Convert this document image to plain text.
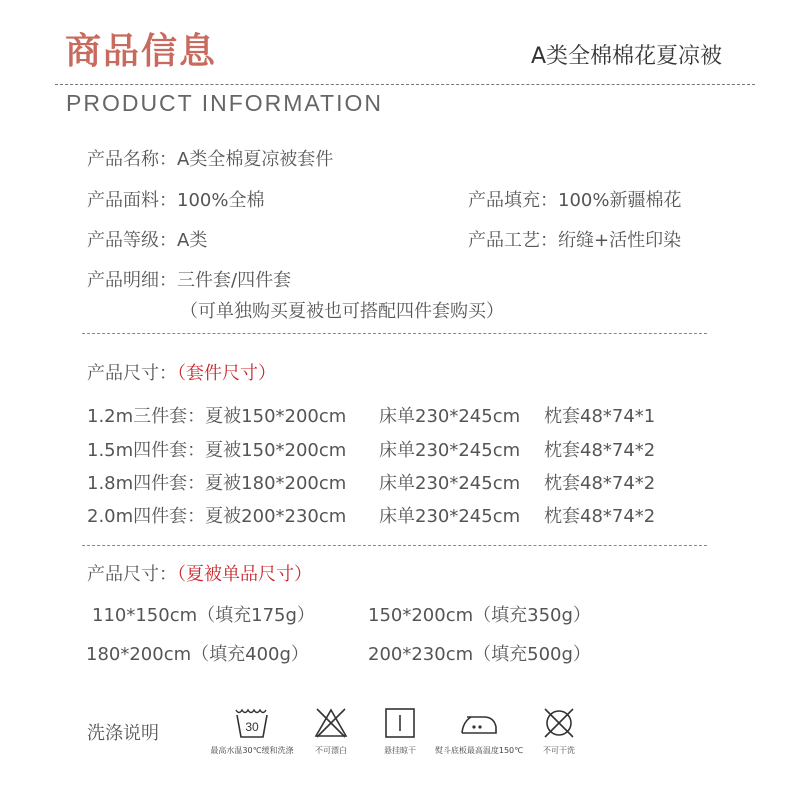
商品信息	A类全棉棉花夏凉被
PRODUCT INFORMATION
产品名称：A类全棉夏凉被套件
产品面料：100%全棉	产品填充：100%新疆棉花
产品等级：A类	产品工艺：绗缝+活性印染
产品明细：三件套/四件套
（可单独购买夏被也可搭配四件套购买）
产品尺寸：（套件尺寸）
1.2m三件套：夏被150*200cm 床单230*245cm 枕套48*74*1
1.5m四件套：夏被150*200cm 床单230*245cm 枕套48*74*2
1.8m四件套：夏被180*200cm 床单230*245cm 枕套48*74*2
2.0m四件套：夏被200*230cm 床单230*245cm 枕套48*74*2
产品尺寸：（夏被单品尺寸）
110*150cm（填充175g）	150*200cm（填充350g）
180*200cm（填充400g）	200*230cm（填充500g）
洗涤说明	30
最高水温30℃缓和洗涤	不可漂白	悬挂晾干	熨斗底板最高温度150℃	不可干洗
